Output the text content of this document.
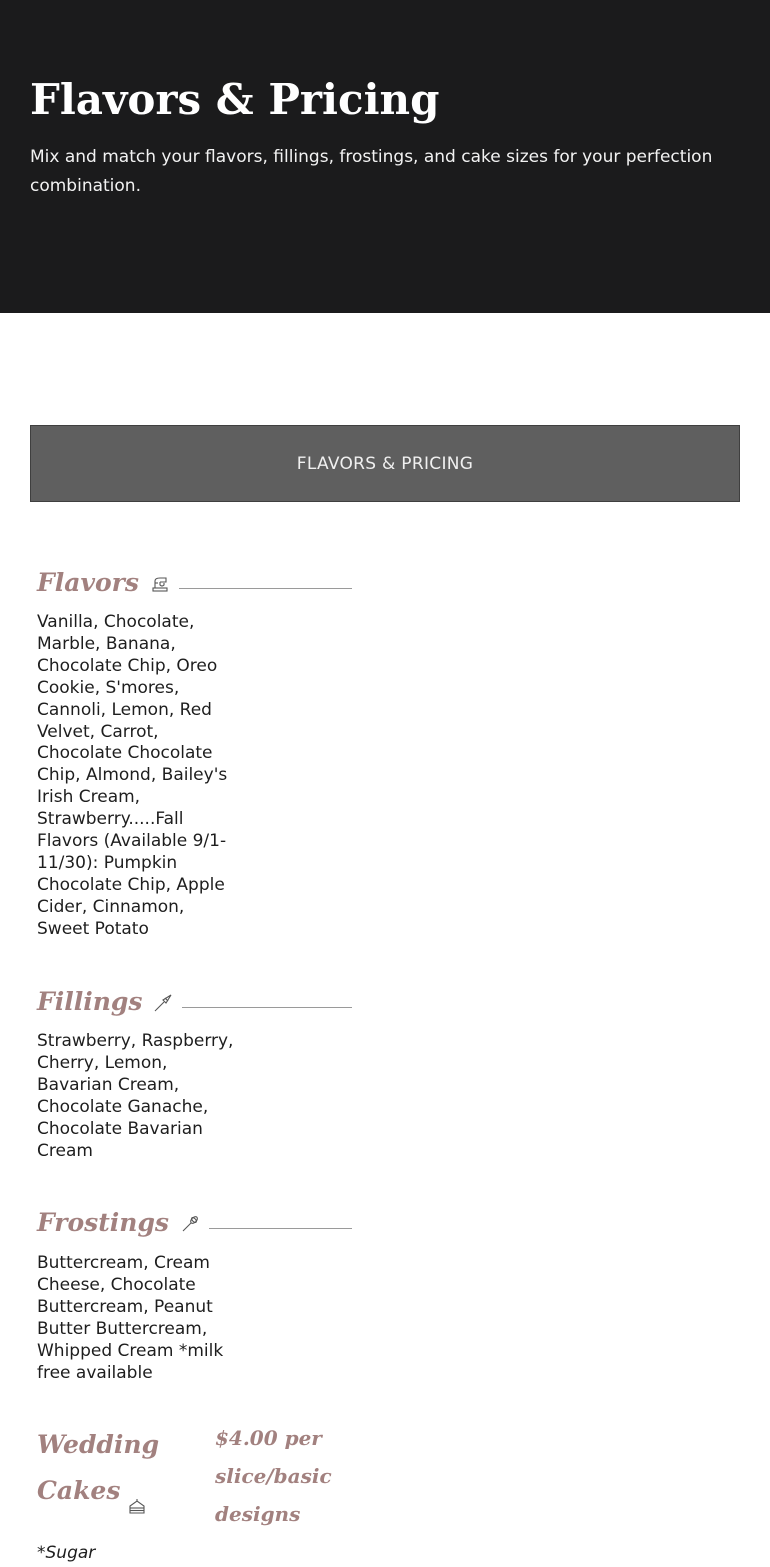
Flavors & Pricing

Mix and match your flavors, fillings, frostings, and cake sizes for your perfection combination.

FLAVORS & PRICING
Flavors

Vanilla, Chocolate, Marble, Banana, Chocolate Chip, Oreo Cookie, S'mores, Cannoli, Lemon, Red Velvet, Carrot, Chocolate Chocolate Chip, Almond, Bailey's Irish Cream, Strawberry.....Fall Flavors (Available 9/1-11/30): Pumpkin Chocolate Chip, Apple Cider, Cinnamon, Sweet Potato

Fillings

Strawberry, Raspberry, Cherry, Lemon, Bavarian Cream, Chocolate Ganache, Chocolate Bavarian Cream

Frostings

Buttercream, Cream Cheese, Chocolate Buttercream, Peanut Butter Buttercream, Whipped Cream *milk free available

Wedding Cakes

$4.00 per slice/basic designs

*Sugar
